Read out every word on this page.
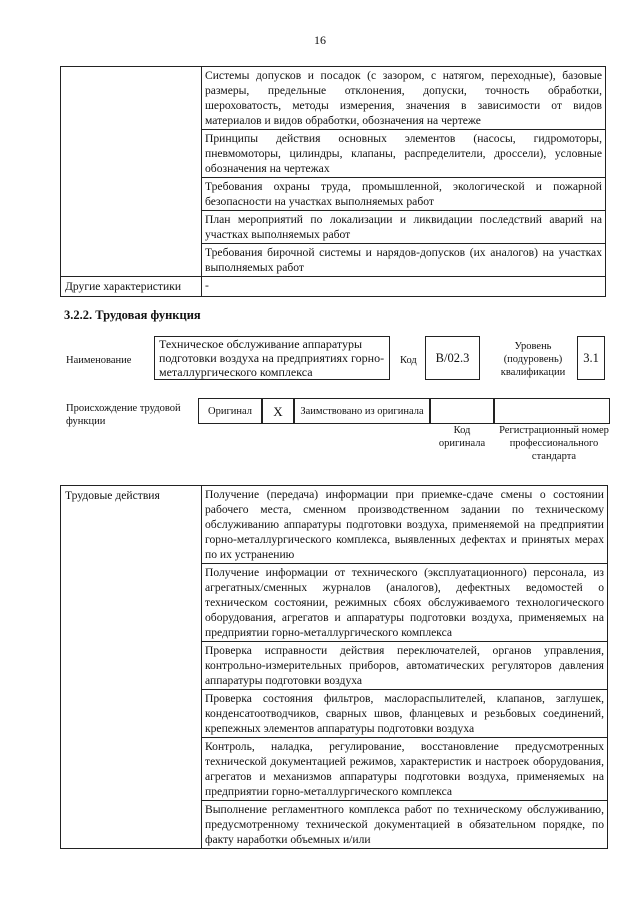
16
	Системы допусков и посадок (с зазором, с натягом, переходные), базовые размеры, предельные отклонения, допуски, точность обработки, шероховатость, методы измерения, значения в зависимости от видов материалов и видов обработки, обозначения на чертеже
	Принципы действия основных элементов (насосы, гидромоторы, пневмомоторы, цилиндры, клапаны, распределители, дроссели), условные обозначения на чертежах
	Требования охраны труда, промышленной, экологической и пожарной безопасности на участках выполняемых работ
	План мероприятий по локализации и ликвидации последствий аварий на участках выполняемых работ
	Требования бирочной системы и нарядов-допусков (их аналогов) на участках выполняемых работ
Другие характеристики	-
3.2.2. Трудовая функция
Наименование
Техническое обслуживание аппаратуры подготовки воздуха на предприятиях горно-металлургического комплекса
Код	В/02.3
Уровень (подуровень) квалификации
3.1
Происхождение трудовой функции
Оригинал	X	Заимствовано из оригинала
Код оригинала
Регистрационный номер профессионального стандарта
Трудовые действия	Получение (передача) информации при приемке-сдаче смены о состоянии рабочего места, сменном производственном задании по техническому обслуживанию аппаратуры подготовки воздуха, применяемой на предприятии горно-металлургического комплекса, выявленных дефектах и принятых мерах по их устранению
Получение информации от технического (эксплуатационного) персонала, из агрегатных/сменных журналов (аналогов), дефектных ведомостей о техническом состоянии, режимных сбоях обслуживаемого технологического оборудования, агрегатов и аппаратуры подготовки воздуха, применяемых на предприятии горно-металлургического комплекса
Проверка исправности действия переключателей, органов управления, контрольно-измерительных приборов, автоматических регуляторов давления аппаратуры подготовки воздуха
Проверка состояния фильтров, маслораспылителей, клапанов, заглушек, конденсатоотводчиков, сварных швов, фланцевых и резьбовых соединений, крепежных элементов аппаратуры подготовки воздуха
Контроль, наладка, регулирование, восстановление предусмотренных технической документацией режимов, характеристик и настроек оборудования, агрегатов и механизмов аппаратуры подготовки воздуха, применяемых на предприятии горно-металлургического комплекса
Выполнение регламентного комплекса работ по техническому обслуживанию, предусмотренному технической документацией в обязательном порядке, по факту наработки объемных и/или
